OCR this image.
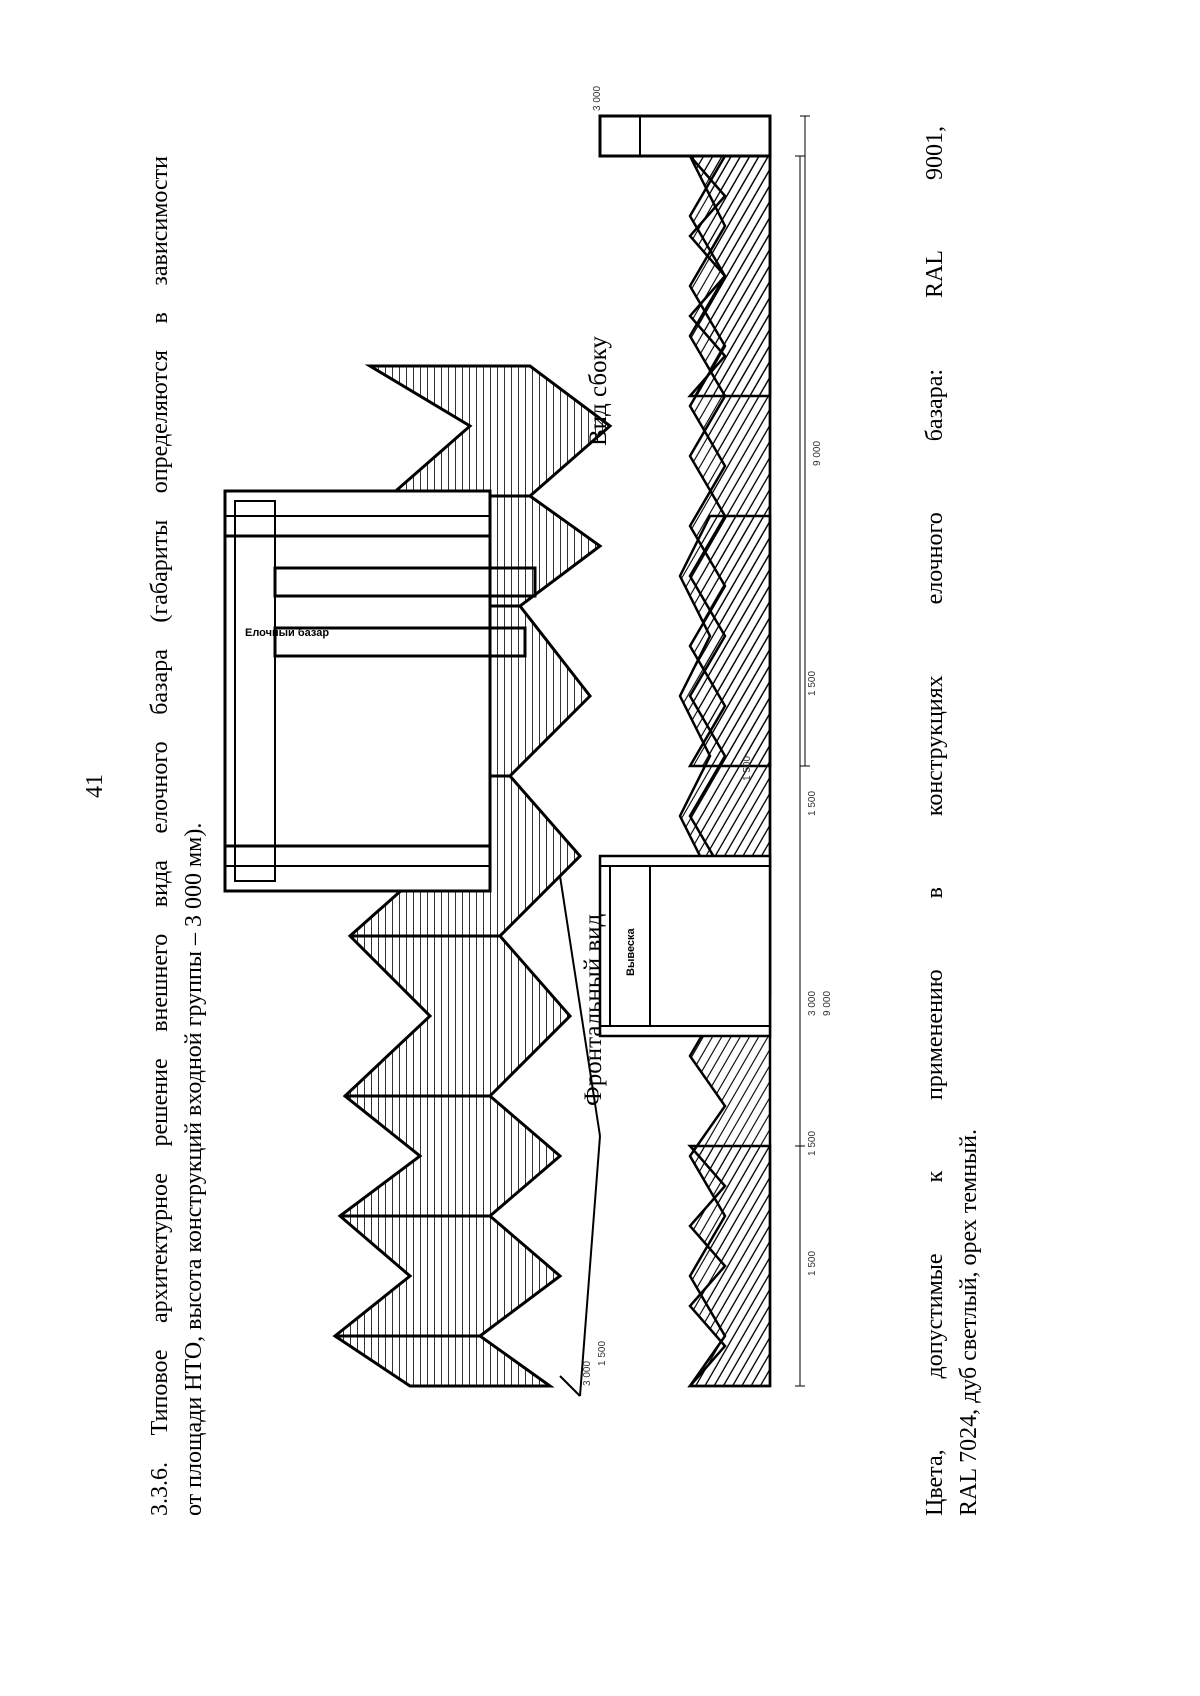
41 3.3.6. Типовое архитектурное решение внешнего вида елочного базара (габариты определяются в зависимости от площади НТО, высота конструкций входной группы – 3 000 мм).
Елочный базар
Вывеска
1 500
1 500
3 000 9 000
1 500
1 500
3 000
1 500
9 000
3 000
1 500
Фронтальный вид
Вид сбоку	Цвета, допустимые к применению в конструкциях елочного базара: RAL 9001, RAL 7024, дуб светлый, орех темный.
